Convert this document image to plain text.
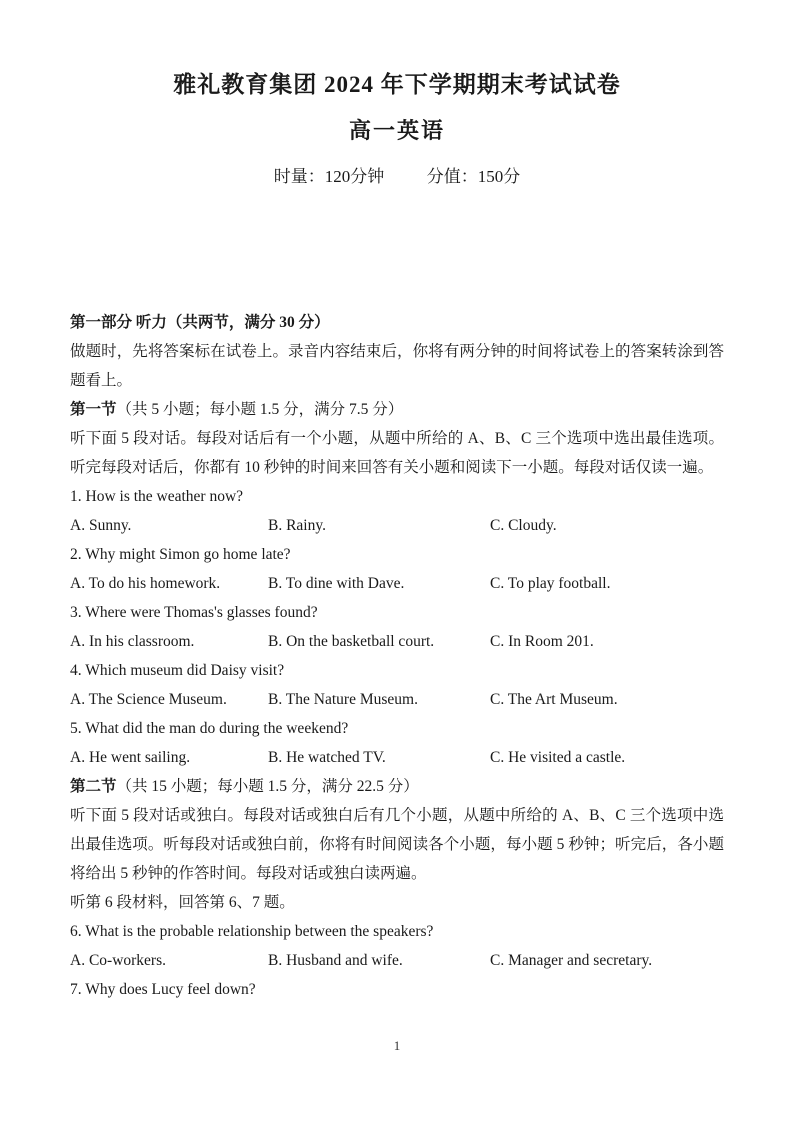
雅礼教育集团 2024 年下学期期末考试试卷
高一英语
时量：120分钟	分值：150分
第一部分 听力（共两节，满分 30 分）
做题时，先将答案标在试卷上。录音内容结束后，你将有两分钟的时间将试卷上的答案转涂到答题看上。
第一节（共 5 小题；每小题 1.5 分，满分 7.5 分）
听下面 5 段对话。每段对话后有一个小题，从题中所给的 A、B、C 三个选项中选出最佳选项。听完每段对话后，你都有 10 秒钟的时间来回答有关小题和阅读下一小题。每段对话仅读一遍。
1. How is the weather now?
A. Sunny.	B. Rainy.	C. Cloudy.
2. Why might Simon go home late?
A. To do his homework.	B. To dine with Dave.	C. To play football.
3. Where were Thomas's glasses found?
A. In his classroom.	B. On the basketball court.	C. In Room 201.
4. Which museum did Daisy visit?
A. The Science Museum.	B. The Nature Museum.	C. The Art Museum.
5. What did the man do during the weekend?
A. He went sailing.	B. He watched TV.	C. He visited a castle.
第二节（共 15 小题；每小题 1.5 分，满分 22.5 分）
听下面 5 段对话或独白。每段对话或独白后有几个小题，从题中所给的 A、B、C 三个选项中选出最佳选项。听每段对话或独白前，你将有时间阅读各个小题，每小题 5 秒钟；听完后，各小题将给出 5 秒钟的作答时间。每段对话或独白读两遍。
听第 6 段材料，回答第 6、7 题。
6. What is the probable relationship between the speakers?
A. Co-workers.	B. Husband and wife.	C. Manager and secretary.
7. Why does Lucy feel down?
1
